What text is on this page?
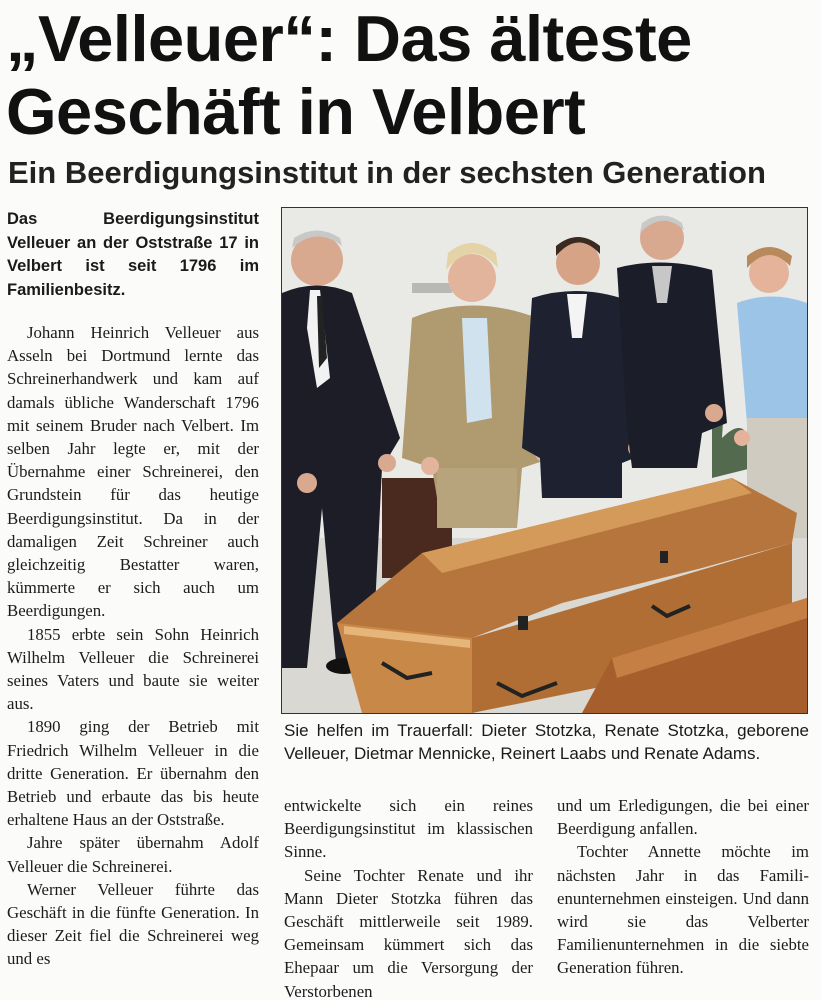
„Velleuer“: Das älteste Geschäft in Velbert
Ein Beerdigungsinstitut in der sechsten Generation

Das Beerdigungsinstitut Velleuer an der Oststraße 17 in Velbert ist seit 1796 im Familienbesitz.

Johann Heinrich Velleuer aus Asseln bei Dortmund lernte das Schreinerhandwerk und kam auf damals übliche Wanderschaft 1796 mit seinem Bruder nach Velbert. Im selben Jahr legte er, mit der Übernahme einer Schreinerei, den Grundstein für das heutige Beerdigungsinstitut. Da in der damaligen Zeit Schreiner auch gleichzeitig Bestatter waren, kümmerte er sich auch um Beerdigungen.

1855 erbte sein Sohn Heinrich Wilhelm Velleuer die Schreinerei seines Vaters und baute sie weiter aus.

1890 ging der Betrieb mit Friedrich Wilhelm Velleuer in die dritte Generation. Er übernahm den Betrieb und erbaute das bis heute erhaltene Haus an der Oststraße.

Jahre später übernahm Adolf Velleuer die Schreinerei.

Werner Velleuer führte das Geschäft in die fünfte Generation. In dieser Zeit fiel die Schreinerei weg und es

Sie helfen im Trauerfall: Dieter Stotzka, Renate Stotzka, geborene Velleuer, Dietmar Mennicke, Reinert Laabs und Renate Adams.

entwickelte sich ein reines Beerdigungsinstitut im klassischen Sinne.

Seine Tochter Renate und ihr Mann Dieter Stotzka führen das Geschäft mittlerweile seit 1989. Gemeinsam kümmert sich das Ehepaar um die Versorgung der Verstorbenen

und um Erledigungen, die bei einer Beerdigung anfallen.

Tochter Annette möchte im nächsten Jahr in das Familienunternehmen einsteigen. Und dann wird sie das Velberter Familienunternehmen in die siebte Generation führen.
